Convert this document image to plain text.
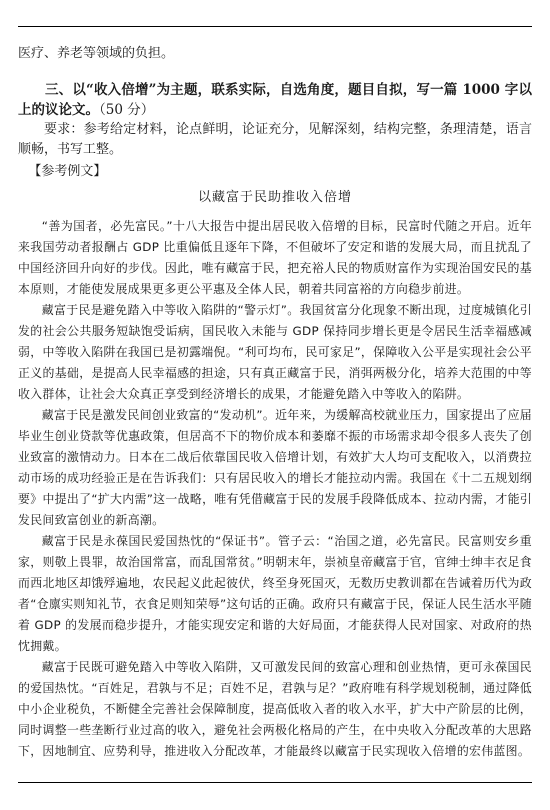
医疗、养老等领域的负担。

三、以“收入倍增”为主题，联系实际，自选角度，题目自拟，写一篇 1000 字以上的议论文。（50 分）

要求：参考给定材料，论点鲜明，论证充分，见解深刻，结构完整，条理清楚，语言顺畅，书写工整。

【参考例文】

以藏富于民助推收入倍增

“善为国者，必先富民。”十八大报告中提出居民收入倍增的目标，民富时代随之开启。近年来我国劳动者报酬占 GDP 比重偏低且逐年下降，不但破坏了安定和谐的发展大局，而且扰乱了中国经济回升向好的步伐。因此，唯有藏富于民，把充裕人民的物质财富作为实现治国安民的基本原则，才能使发展成果更多更公平惠及全体人民，朝着共同富裕的方向稳步前进。

藏富于民是避免踏入中等收入陷阱的“警示灯”。我国贫富分化现象不断出现，过度城镇化引发的社会公共服务短缺饱受诟病，国民收入未能与 GDP 保持同步增长更是令居民生活幸福感减弱，中等收入陷阱在我国已是初露端倪。“利可均布，民可家足”，保障收入公平是实现社会公平正义的基础，是提高人民幸福感的担途，只有真正藏富于民，消弭两极分化，培养大范围的中等收入群体，让社会大众真正享受到经济增长的成果，才能避免踏入中等收入的陷阱。

藏富于民是激发民间创业致富的“发动机”。近年来，为缓解高校就业压力，国家提出了应届毕业生创业贷款等优惠政策，但居高不下的物价成本和萎靡不振的市场需求却令很多人丧失了创业致富的激情动力。日本在二战后依靠国民收入倍增计划，有效扩大人均可支配收入，以消费拉动市场的成功经验正是在告诉我们：只有居民收入的增长才能拉动内需。我国在《十二五规划纲要》中提出了“扩大内需”这一战略，唯有凭借藏富于民的发展手段降低成本、拉动内需，才能引发民间致富创业的新高潮。

藏富于民是永葆国民爱国热忱的“保证书”。管子云：“治国之道，必先富民。民富则安乡重家，则敬上畏罪，故治国常富，而乱国常贫。”明朝末年，崇祯皇帝藏富于官，官绅士绅丰衣足食而西北地区却饿殍遍地，农民起义此起彼伏，终至身死国灭，无数历史教训都在告诫着历代为政者“仓廪实则知礼节，衣食足则知荣辱”这句话的正确。政府只有藏富于民，保证人民生活水平随着 GDP 的发展而稳步提升，才能实现安定和谐的大好局面，才能获得人民对国家、对政府的热忱拥戴。

藏富于民既可避免踏入中等收入陷阱，又可激发民间的致富心理和创业热情，更可永葆国民的爱国热忱。“百姓足，君孰与不足；百姓不足，君孰与足？”政府唯有科学规划税制，通过降低中小企业税负，不断健全完善社会保障制度，提高低收入者的收入水平，扩大中产阶层的比例，同时调整一些垄断行业过高的收入，避免社会两极化格局的产生，在中央收入分配改革的大思路下，因地制宜、应势利导，推进收入分配改革，才能最终以藏富于民实现收入倍增的宏伟蓝图。
